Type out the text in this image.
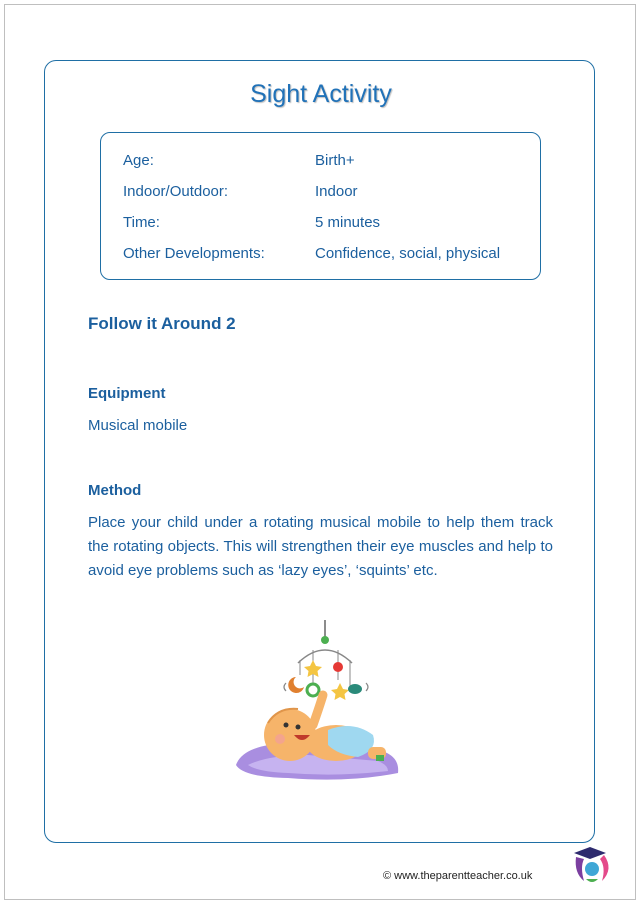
Sight Activity
Age:	Birth+
Indoor/Outdoor:	Indoor
Time:	5 minutes
Other Developments:	Confidence, social, physical
Follow it Around 2
Equipment
Musical mobile
Method
Place your child under a rotating musical mobile to help them track the rotating objects. This will strengthen their eye muscles and help to avoid eye problems such as ‘lazy eyes’, ‘squints’ etc.
© www.theparentteacher.co.uk
